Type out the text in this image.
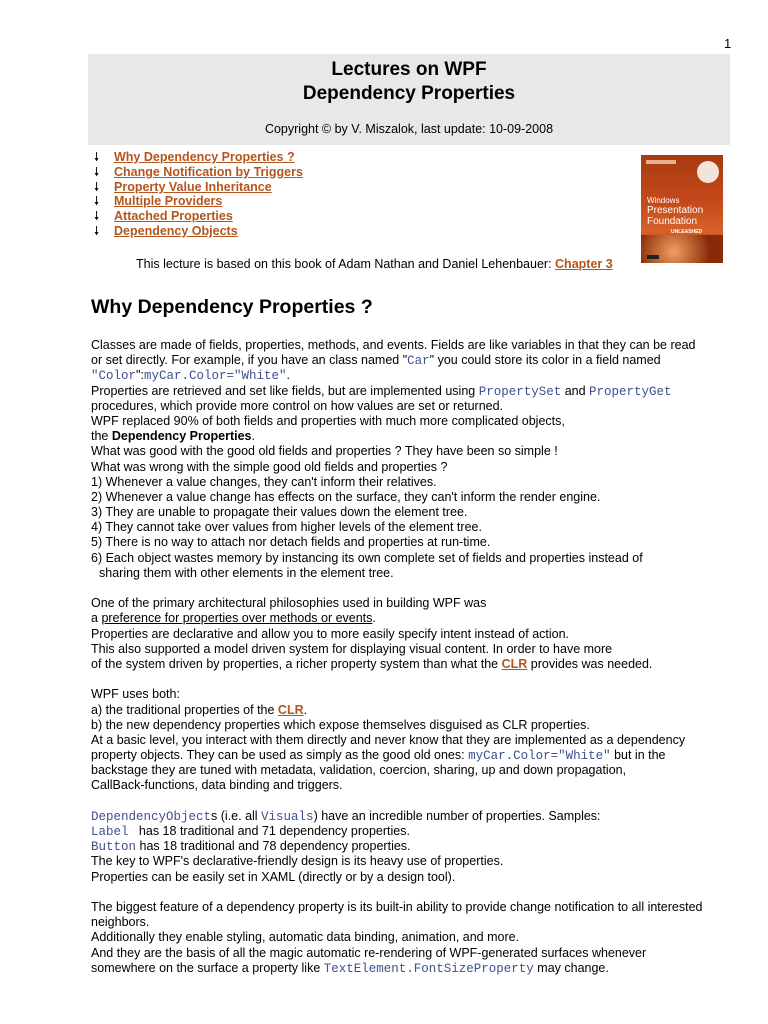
1
Lectures on WPF
Dependency Properties
Copyright © by V. Miszalok, last update: 10-09-2008
🠗 Why Dependency Properties ?
🠗 Change Notification by Triggers
🠗 Property Value Inheritance
🠗 Multiple Providers
🠗 Attached Properties
🠗 Dependency Objects
Windows
Presentation
Foundation
UNLEASHED
This lecture is based on this book of Adam Nathan and Daniel Lehenbauer: Chapter 3
Why Dependency Properties ?
Classes are made of fields, properties, methods, and events. Fields are like variables in that they can be read
or set directly. For example, if you have an class named "Car" you could store its color in a field named
"Color":myCar.Color="White".
Properties are retrieved and set like fields, but are implemented using PropertySet and PropertyGet
procedures, which provide more control on how values are set or returned.
WPF replaced 90% of both fields and properties with much more complicated objects,
the Dependency Properties.
What was good with the good old fields and properties ? They have been so simple !
What was wrong with the simple good old fields and properties ?
1) Whenever a value changes, they can't inform their relatives.
2) Whenever a value change has effects on the surface, they can't inform the render engine.
3) They are unable to propagate their values down the element tree.
4) They cannot take over values from higher levels of the element tree.
5) There is no way to attach nor detach fields and properties at run-time.
6) Each object wastes memory by instancing its own complete set of fields and properties instead of
sharing them with other elements in the element tree.
One of the primary architectural philosophies used in building WPF was
a preference for properties over methods or events.
Properties are declarative and allow you to more easily specify intent instead of action.
This also supported a model driven system for displaying visual content. In order to have more
of the system driven by properties, a richer property system than what the CLR provides was needed.
WPF uses both:
a) the traditional properties of the CLR.
b) the new dependency properties which expose themselves disguised as CLR properties.
At a basic level, you interact with them directly and never know that they are implemented as a dependency
property objects. They can be used as simply as the good old ones: myCar.Color="White" but in the
backstage they are tuned with metadata, validation, coercion, sharing, up and down propagation,
CallBack-functions, data binding and triggers.
DependencyObjects (i.e. all Visuals) have an incredible number of properties. Samples:
Label   has 18 traditional and 71 dependency properties.
Button has 18 traditional and 78 dependency properties.
The key to WPF's declarative-friendly design is its heavy use of properties.
Properties can be easily set in XAML (directly or by a design tool).
The biggest feature of a dependency property is its built-in ability to provide change notification to all interested
neighbors.
Additionally they enable styling, automatic data binding, animation, and more.
And they are the basis of all the magic automatic re-rendering of WPF-generated surfaces whenever
somewhere on the surface a property like TextElement.FontSizeProperty may change.
